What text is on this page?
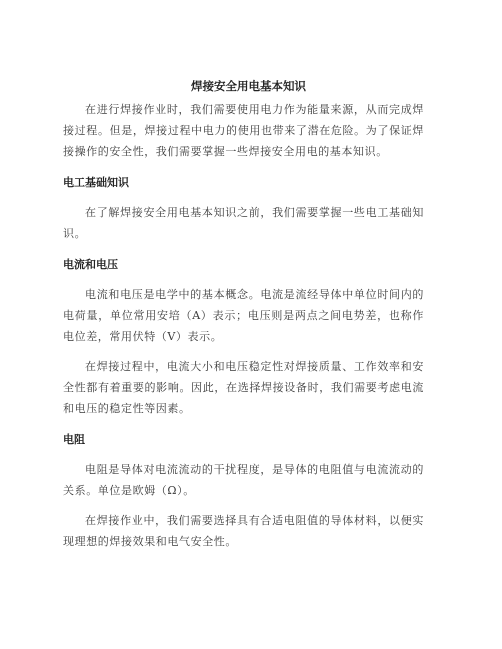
焊接安全用电基本知识

在进行焊接作业时，我们需要使用电力作为能量来源，从而完成焊接过程。但是，焊接过程中电力的使用也带来了潜在危险。为了保证焊接操作的安全性，我们需要掌握一些焊接安全用电的基本知识。

电工基础知识

在了解焊接安全用电基本知识之前，我们需要掌握一些电工基础知识。

电流和电压

电流和电压是电学中的基本概念。电流是流经导体中单位时间内的电荷量，单位常用安培（A）表示；电压则是两点之间电势差，也称作电位差，常用伏特（V）表示。

在焊接过程中，电流大小和电压稳定性对焊接质量、工作效率和安全性都有着重要的影响。因此，在选择焊接设备时，我们需要考虑电流和电压的稳定性等因素。

电阻

电阻是导体对电流流动的干扰程度，是导体的电阻值与电流流动的关系。单位是欧姆（Ω）。

在焊接作业中，我们需要选择具有合适电阻值的导体材料，以便实现理想的焊接效果和电气安全性。
